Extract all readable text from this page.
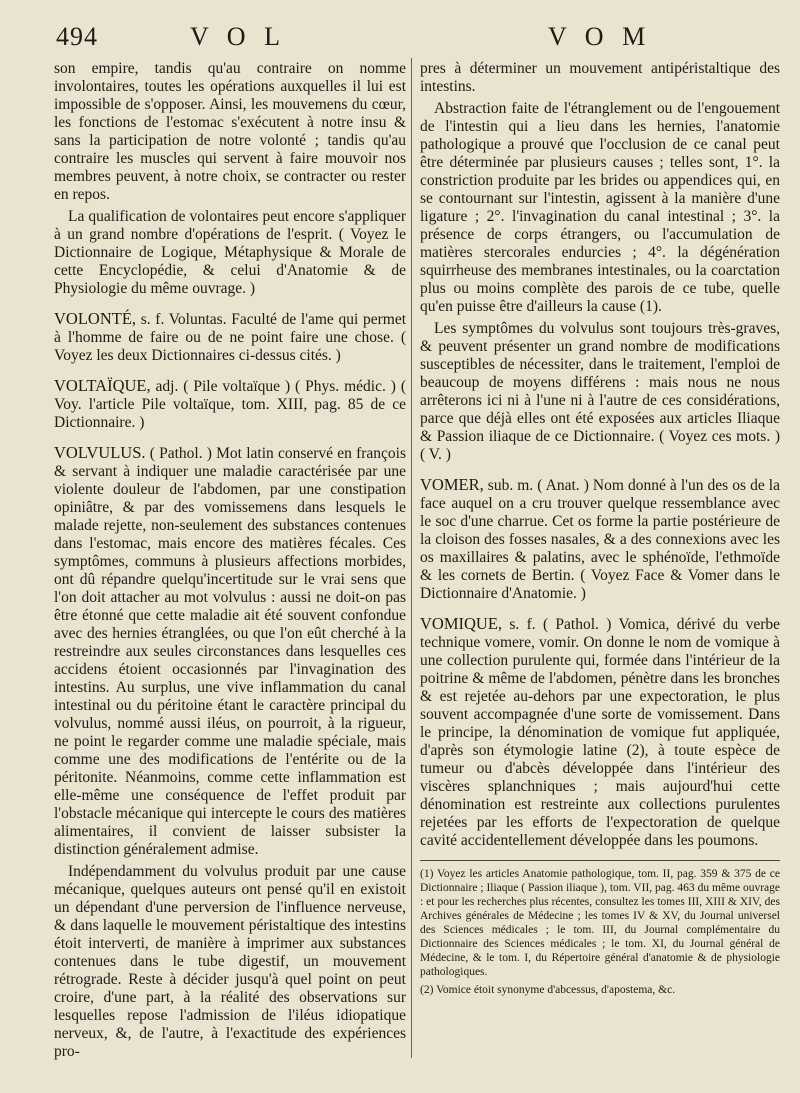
494	V O L	V O M

son empire, tandis qu'au contraire on nomme involontaires, toutes les opérations auxquelles il lui est impossible de s'opposer. Ainsi, les mouvemens du cœur, les fonctions de l'estomac s'exécutent à notre insu & sans la participation de notre volonté ; tandis qu'au contraire les muscles qui servent à faire mouvoir nos membres peuvent, à notre choix, se contracter ou rester en repos.

La qualification de volontaires peut encore s'appliquer à un grand nombre d'opérations de l'esprit. ( Voyez le Dictionnaire de Logique, Métaphysique & Morale de cette Encyclopédie, & celui d'Anatomie & de Physiologie du même ouvrage. )

VOLONTÉ, s. f. Voluntas. Faculté de l'ame qui permet à l'homme de faire ou de ne point faire une chose. ( Voyez les deux Dictionnaires ci-dessus cités. )

VOLTAÏQUE, adj. ( Pile voltaïque ) ( Phys. médic. ) ( Voy. l'article Pile voltaïque, tom. XIII, pag. 85 de ce Dictionnaire. )

VOLVULUS. ( Pathol. ) Mot latin conservé en françois & servant à indiquer une maladie caractérisée par une violente douleur de l'abdomen, par une constipation opiniâtre, & par des vomissemens dans lesquels le malade rejette, non-seulement des substances contenues dans l'estomac, mais encore des matières fécales. Ces symptômes, communs à plusieurs affections morbides, ont dû répandre quelqu'incertitude sur le vrai sens que l'on doit attacher au mot volvulus : aussi ne doit-on pas être étonné que cette maladie ait été souvent confondue avec des hernies étranglées, ou que l'on eût cherché à la restreindre aux seules circonstances dans lesquelles ces accidens étoient occasionnés par l'invagination des intestins. Au surplus, une vive inflammation du canal intestinal ou du péritoine étant le caractère principal du volvulus, nommé aussi iléus, on pourroit, à la rigueur, ne point le regarder comme une maladie spéciale, mais comme une des modifications de l'entérite ou de la péritonite. Néanmoins, comme cette inflammation est elle-même une conséquence de l'effet produit par l'obstacle mécanique qui intercepte le cours des matières alimentaires, il convient de laisser subsister la distinction généralement admise.

Indépendamment du volvulus produit par une cause mécanique, quelques auteurs ont pensé qu'il en existoit un dépendant d'une perversion de l'influence nerveuse, & dans laquelle le mouvement péristaltique des intestins étoit interverti, de manière à imprimer aux substances contenues dans le tube digestif, un mouvement rétrograde. Reste à décider jusqu'à quel point on peut croire, d'une part, à la réalité des observations sur lesquelles repose l'admission de l'iléus idiopatique nerveux, &, de l'autre, à l'exactitude des expériences pro-

pres à déterminer un mouvement antipéristaltique des intestins.

Abstraction faite de l'étranglement ou de l'engouement de l'intestin qui a lieu dans les hernies, l'anatomie pathologique a prouvé que l'occlusion de ce canal peut être déterminée par plusieurs causes ; telles sont, 1°. la constriction produite par les brides ou appendices qui, en se contournant sur l'intestin, agissent à la manière d'une ligature ; 2°. l'invagination du canal intestinal ; 3°. la présence de corps étrangers, ou l'accumulation de matières stercorales endurcies ; 4°. la dégénération squirrheuse des membranes intestinales, ou la coarctation plus ou moins complète des parois de ce tube, quelle qu'en puisse être d'ailleurs la cause (1).

Les symptômes du volvulus sont toujours très-graves, & peuvent présenter un grand nombre de modifications susceptibles de nécessiter, dans le traitement, l'emploi de beaucoup de moyens différens : mais nous ne nous arrêterons ici ni à l'une ni à l'autre de ces considérations, parce que déjà elles ont été exposées aux articles Iliaque & Passion iliaque de ce Dictionnaire. ( Voyez ces mots. ) ( V. )

VOMER, sub. m. ( Anat. ) Nom donné à l'un des os de la face auquel on a cru trouver quelque ressemblance avec le soc d'une charrue. Cet os forme la partie postérieure de la cloison des fosses nasales, & a des connexions avec les os maxillaires & palatins, avec le sphénoïde, l'ethmoïde & les cornets de Bertin. ( Voyez Face & Vomer dans le Dictionnaire d'Anatomie. )

VOMIQUE, s. f. ( Pathol. ) Vomica, dérivé du verbe technique vomere, vomir. On donne le nom de vomique à une collection purulente qui, formée dans l'intérieur de la poitrine & même de l'abdomen, pénètre dans les bronches & est rejetée au-dehors par une expectoration, le plus souvent accompagnée d'une sorte de vomissement. Dans le principe, la dénomination de vomique fut appliquée, d'après son étymologie latine (2), à toute espèce de tumeur ou d'abcès développée dans l'intérieur des viscères splanchniques ; mais aujourd'hui cette dénomination est restreinte aux collections purulentes rejetées par les efforts de l'expectoration de quelque cavité accidentellement développée dans les poumons.

(1) Voyez les articles Anatomie pathologique, tom. II, pag. 359 & 375 de ce Dictionnaire ; Iliaque ( Passion iliaque ), tom. VII, pag. 463 du même ouvrage : et pour les recherches plus récentes, consultez les tomes III, XIII & XIV, des Archives générales de Médecine ; les tomes IV & XV, du Journal universel des Sciences médicales ; le tom. III, du Journal complémentaire du Dictionnaire des Sciences médicales ; le tom. XI, du Journal général de Médecine, & le tom. I, du Répertoire général d'anatomie & de physiologie pathologiques.

(2) Vomice étoit synonyme d'abcessus, d'apostema, &c.
